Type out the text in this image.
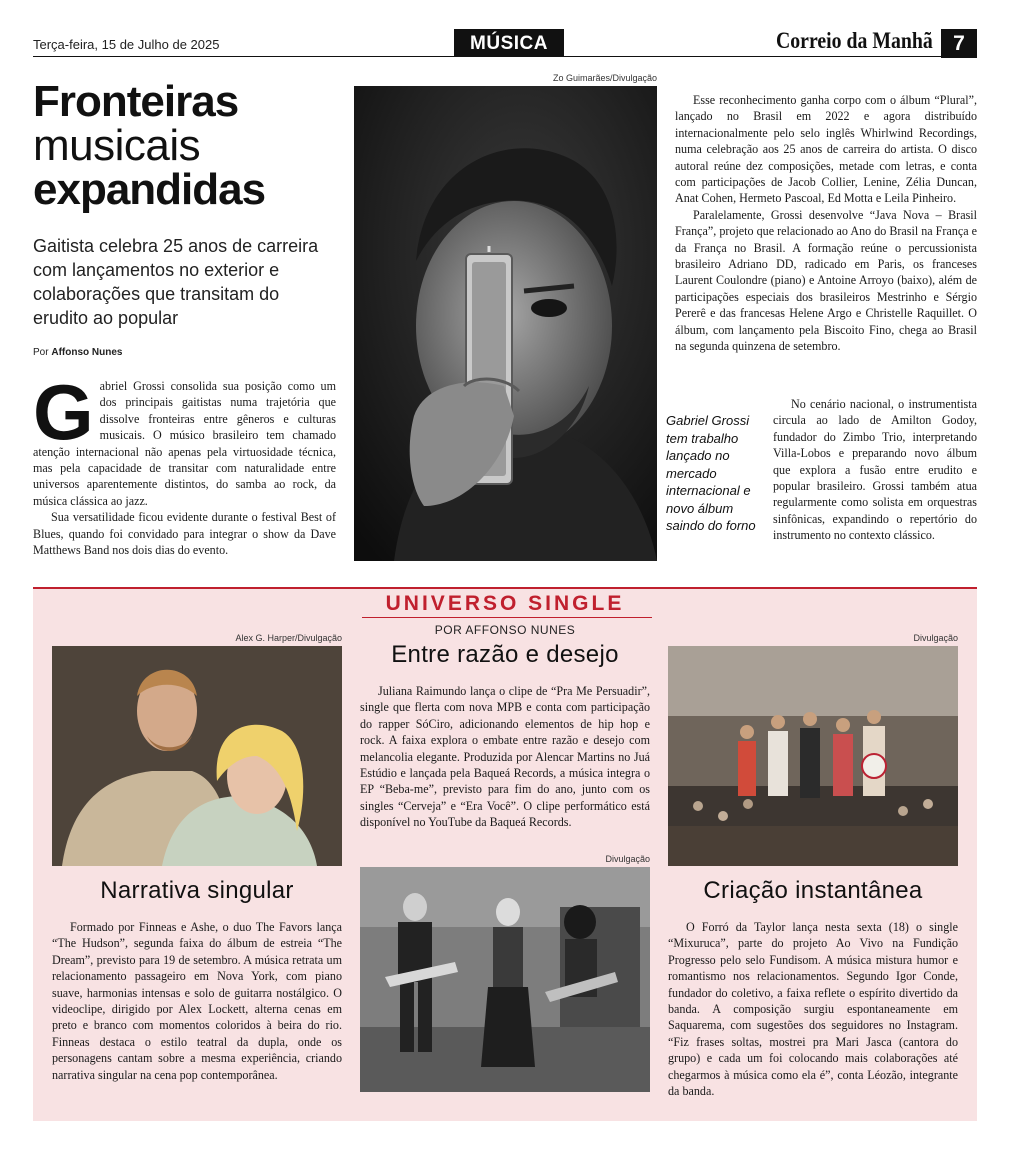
Terça-feira, 15 de Julho de 2025	MÚSICA	Correio da Manhã 7
Fronteiras
musicais
expandidas
Gaitista celebra 25 anos de carreira com lançamentos no exterior e colaborações que transitam do erudito ao popular
Por Affonso Nunes

Gabriel Grossi consolida sua posição como um dos principais gaitistas numa trajetória que dissolve fronteiras entre gêneros e culturas musicais. O músico brasileiro tem chamado atenção internacional não apenas pela virtuosidade técnica, mas pela capacidade de transitar com naturalidade entre universos aparentemente distintos, do samba ao rock, da música clássica ao jazz.

Sua versatilidade ficou evidente durante o festival Best of Blues, quando foi convidado para integrar o show da Dave Matthews Band nos dois dias do evento.

Zo Guimarães/Divulgação
Gabriel Grossi tem trabalho lançado no mercado internacional e novo álbum saindo do forno

Esse reconhecimento ganha corpo com o álbum “Plural”, lançado no Brasil em 2022 e agora distribuído internacionalmente pelo selo inglês Whirlwind Recordings, numa celebração aos 25 anos de carreira do artista. O disco autoral reúne dez composições, metade com letras, e conta com participações de Jacob Collier, Lenine, Zélia Duncan, Anat Cohen, Hermeto Pascoal, Ed Motta e Leila Pinheiro.

Paralelamente, Grossi desenvolve “Java Nova – Brasil França”, projeto que relacionado ao Ano do Brasil na França e da França no Brasil. A formação reúne o percussionista brasileiro Adriano DD, radicado em Paris, os franceses Laurent Coulondre (piano) e Antoine Arroyo (baixo), além de participações especiais dos brasileiros Mestrinho e Sérgio Pererê e das francesas Helene Argo e Christelle Raquillet. O álbum, com lançamento pela Biscoito Fino, chega ao Brasil na segunda quinzena de setembro.

No cenário nacional, o instrumentista circula ao lado de Amilton Godoy, fundador do Zimbo Trio, interpretando Villa-Lobos e preparando novo álbum que explora a fusão entre erudito e popular brasileiro. Grossi também atua regularmente como solista em orquestras sinfônicas, expandindo o repertório do instrumento no contexto clássico.

UNIVERSO SINGLE
POR AFFONSO NUNES
Alex G. Harper/Divulgação
Narrativa singular

Formado por Finneas e Ashe, o duo The Favors lança “The Hudson”, segunda faixa do álbum de estreia “The Dream”, previsto para 19 de setembro. A música retrata um relacionamento passageiro em Nova York, com piano suave, harmonias intensas e solo de guitarra nostálgico. O videoclipe, dirigido por Alex Lockett, alterna cenas em preto e branco com momentos coloridos à beira do rio. Finneas destaca o estilo teatral da dupla, onde os personagens cantam sobre a mesma experiência, criando narrativa singular na cena pop contemporânea.

Entre razão e desejo

Juliana Raimundo lança o clipe de “Pra Me Persuadir”, single que flerta com nova MPB e conta com participação do rapper SóCiro, adicionando elementos de hip hop e rock. A faixa explora o embate entre razão e desejo com melancolia elegante. Produzida por Alencar Martins no Juá Estúdio e lançada pela Baqueá Records, a música integra o EP “Beba-me”, previsto para fim do ano, junto com os singles “Cerveja” e “Era Você”. O clipe performático está disponível no YouTube da Baqueá Records.

Divulgação
Divulgação
Criação instantânea

O Forró da Taylor lança nesta sexta (18) o single “Mixuruca”, parte do projeto Ao Vivo na Fundição Progresso pelo selo Fundisom. A música mistura humor e romantismo nos relacionamentos. Segundo Igor Conde, fundador do coletivo, a faixa reflete o espírito divertido da banda. A composição surgiu espontaneamente em Saquarema, com sugestões dos seguidores no Instagram. “Fiz frases soltas, mostrei pra Mari Jasca (cantora do grupo) e cada um foi colocando mais colaborações até chegarmos à música como ela é”, conta Léozão, integrante da banda.
